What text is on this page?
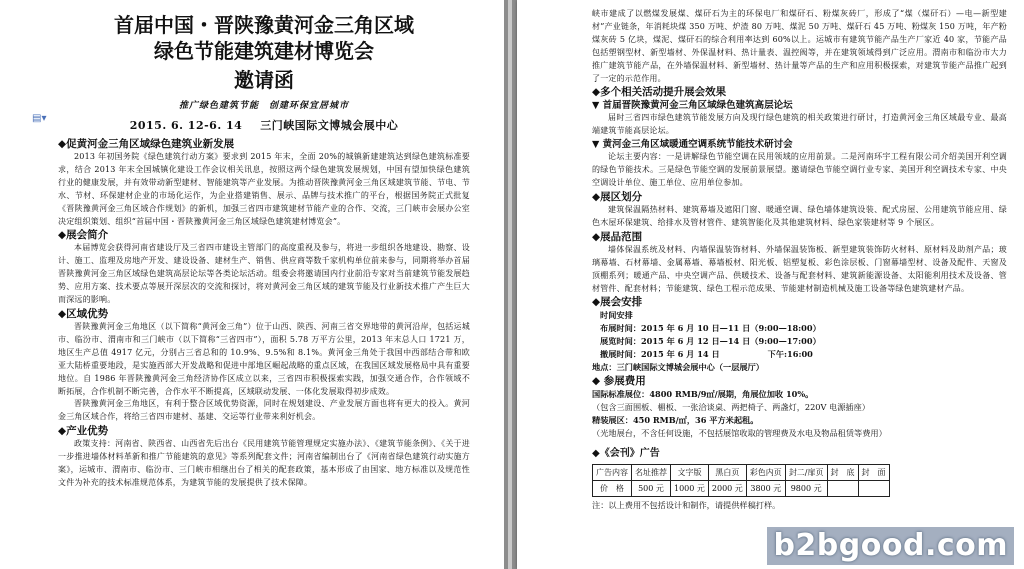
首届中国・晋陕豫黄河金三角区域
绿色节能建筑建材博览会
邀请函
推广绿色建筑节能　创建环保宜居城市
2015. 6. 12-6. 14 三门峡国际文博城会展中心
◆促黄河金三角区域绿色建筑业新发展

2013 年初国务院《绿色建筑行动方案》要求到 2015 年末，全面 20%的城镇新建建筑达到绿色建筑标准要求，结合 2013 年末全国城镇化建设工作会议相关讯息，按照这两个绿色建筑发展规划，中国有望加快绿色建筑行业的健康发展，并有效带动新型建材、智能建筑等产业发展。为推动晋陕豫黄河金三角区域建筑节能、节电、节水、节材、环保建材企业的市场化运作，为企业搭建销售、展示、品牌与技术推广的平台，根据国务院正式批复《晋陕豫黄河金三角区域合作规划》的新机，加强三省四市建筑建材节能产业的合作、交流，三门峡市会展办公室决定组织策划、组织“首届中国・晋陕豫黄河金三角区域绿色建筑建材博览会”。

◆展会简介

本届博览会获得河南省建设厅及三省四市建设主管部门的高度重视及参与，将进一步组织各地建设、勘察、设计、施工、监理及房地产开发、建设设备、建材生产、销售、供应商等数千家机构单位前来参与，同期将举办首届晋陕豫黄河金三角区域绿色建筑高层论坛等各类论坛活动。组委会将邀请国内行业前沿专家对当前建筑节能发展趋势、应用方案、技术要点等展开深层次的交流和探讨，将对黄河金三角区域的建筑节能及行业新技术推广产生巨大而深远的影响。

◆区域优势

晋陕豫黄河金三角地区（以下简称“黄河金三角”）位于山西、陕西、河南三省交界地带的黄河沿岸，包括运城市、临汾市、渭南市和三门峡市（以下简称“三省四市”），面积 5.78 万平方公里，2013 年末总人口 1721 万，地区生产总值 4917 亿元，分别占三省总和的 10.9%、9.5%和 8.1%。黄河金三角处于我国中西部结合带和欧亚大陆桥重要地段，是实施西部大开发战略和促进中部地区崛起战略的重点区域，在我国区域发展格局中具有重要地位。自 1986 年晋陕豫黄河金三角经济协作区成立以来，三省四市积极探索实践，加强交通合作，合作领域不断拓展，合作机制不断完善，合作水平不断提高，区域联动发展、一体化发展取得初步成效。

晋陕豫黄河金三角地区，有利于整合区域优势资源，同时在规划建设、产业发展方面也将有更大的投入。黄河金三角区域合作，将给三省四市建材、基建、交运等行业带来利好机会。

◆产业优势

政策支持：河南省、陕西省、山西省先后出台《民用建筑节能管理规定实施办法》、《建筑节能条例》、《关于进一步推进墙体材料革新和推广节能建筑的意见》等系列配套文件；河南省编制出台了《河南省绿色建筑行动实施方案》，运城市、渭南市、临汾市、三门峡市相继出台了相关的配套政策，基本形成了由国家、地方标准以及规范性文件为补充的技术标准规范体系，为建筑节能的发展提供了技术保障。

▤▾

峡市建成了以燃煤发展煤、煤矸石为主的环保电厂和煤矸石、粉煤灰砖厂，形成了“煤（煤矸石）—电—新型建材”产业链条，年消耗块煤 350 万吨、炉渣 80 万吨、煤泥 50 万吨、煤矸石 45 万吨、粉煤灰 150 万吨，年产粉煤灰砖 5 亿块，煤泥、煤矸石的综合利用率达到 60%以上。运城市有建筑节能产品生产厂家近 40 家，节能产品包括塑钢型材、新型墙材、外保温材料、热计量表、温控阀等，并在建筑领域得到广泛应用。渭南市和临汾市大力推广建筑节能产品，在外墙保温材料、新型墙材、热计量等产品的生产和应用积极探索，对建筑节能产品推广起到了一定的示范作用。

◆多个相关活动提升展会效果
▼ 首届晋陕豫黄河金三角区域绿色建筑高层论坛

届时三省四市绿色建筑节能发展方向及现行绿色建筑的相关政策进行研讨，打造黄河金三角区域最专业、最高端建筑节能高层论坛。

▼ 黄河金三角区域暖通空调系统节能技术研讨会

论坛主要内容：一是讲解绿色节能空调在民用领域的应用前景。二是河南环宇工程有限公司介绍美国开利空调的绿色节能技术。三是绿色节能空调的发展前景展望。邀请绿色节能空调行业专家、美国开利空调技术专家、中央空调设计单位、施工单位、应用单位参加。

◆展区划分

建筑保温隔热材料、建筑幕墙及遮阳门窗、暖通空调、绿色墙体建筑设装、配式房屋、公用建筑节能应用、绿色木屋环保建筑、给排水及管材管件、建筑智能化及其他建筑材料、绿色家装建材等 9 个展区。

◆展品范围

墙体保温系统及材料、内墙保温装饰材料、外墙保温装饰板、新型建筑装饰防火材料、原材料及助剂产品；玻璃幕墙、石材幕墙、金属幕墙、幕墙板材、阳光板、铝塑复板、彩色涂层板、门窗幕墙型材、设备及配件、天窗及顶棚系列；暖通产品、中央空调产品、供暖技术、设备与配套材料、建筑新能源设备、太阳能利用技术及设备、管材管件、配套材料；节能建筑、绿色工程示范成果、节能建材制造机械及施工设备等绿色建筑建材产品。

◆展会安排
时间安排
布展时间：2015 年 6 月 10 日—11 日（9:00—18:00）
展览时间：2015 年 6 月 12 日—14 日（9:00—17:00）
撤展时间：2015 年 6 月 14 日	下午:16:00
地点：三门峡国际文博城会展中心（一层展厅）
◆ 参展费用
国际标准展位：4800 RMB/9㎡/展期，角展位加收 10%。
（包含三面围板、楣板、一张洽谈桌、两把椅子、两盏灯，220V 电源插座）
精装展区：450 RMB/㎡，36 平方米起租。
（光地展台，不含任何设施，不包括展馆收取的管理费及水电及物品租赁等费用）
◆《会刊》广告
广告内容	名址推荐	文字版	黑白页	彩色内页	封二/扉页	封　底	封　面
价　格	500 元	1000 元	2000 元	3800 元	9800 元		
注：以上费用不包括设计和制作，请提供样稿打样。
b2bgood.com
